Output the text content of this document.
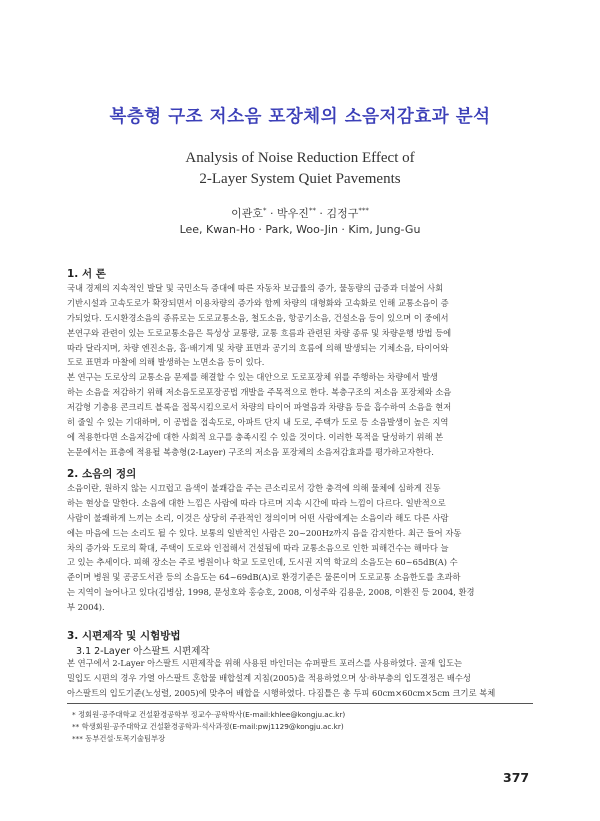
복층형 구조 저소음 포장체의 소음저감효과 분석
Analysis of Noise Reduction Effect of
2-Layer System Quiet Pavements
이관호* · 박우진** · 김정구***
Lee, Kwan-Ho · Park, Woo-Jin · Kim, Jung-Gu
1. 서 론
국내 경제의 지속적인 발달 및 국민소득 증대에 따른 자동차 보급률의 증가, 물동량의 급증과 더불어 사회
기반시설과 고속도로가 확장되면서 이용차량의 증가와 함께 차량의 대형화와 고속화로 인해 교통소음이 증
가되었다. 도시환경소음의 종류로는 도로교통소음, 철도소음, 항공기소음, 건설소음 등이 있으며 이 중에서
본연구와 관련이 있는 도로교통소음은 특성상 교통량, 교통 흐름과 관련된 차량 종류 및 차량운행 방법 등에
따라 달라지며, 차량 엔진소음, 흡·배기계 및 차량 표면과 공기의 흐름에 의해 발생되는 기체소음, 타이어와
도로 표면과 마찰에 의해 발생하는 노면소음 등이 있다.
본 연구는 도로상의 교통소음 문제를 해결할 수 있는 대안으로 도로포장체 위를 주행하는 차량에서 발생
하는 소음을 저감하기 위해 저소음도로포장공법 개발을 주목적으로 한다. 복층구조의 저소음 포장체와 소음
저감형 기층용 콘크리트 블록을 접목시킴으로서 차량의 타이어 파열음과 차량음 등을 흡수하여 소음을 현저
히 줄일 수 있는 기대하며, 이 공법을 접속도로, 아파트 단지 내 도로, 주택가 도로 등 소음발생이 높은 지역
에 적용한다면 소음저감에 대한 사회적 요구를 충족시킬 수 있을 것이다. 이러한 목적을 달성하기 위해 본
논문에서는 표층에 적용될 복층형(2-Layer) 구조의 저소음 포장체의 소음저감효과를 평가하고자한다.
2. 소음의 정의
소음이란, 원하지 않는 시끄럽고 음색이 불쾌감을 주는 큰소리로서 강한 충격에 의해 물체에 심하게 진동
하는 현상을 말한다. 소음에 대한 느낌은 사람에 따라 다르며 지속 시간에 따라 느낌이 다르다. 일반적으로
사람이 불쾌하게 느끼는 소리, 이것은 상당히 주관적인 정의이며 어떤 사람에게는 소음이라 해도 다른 사람
에는 마음에 드는 소리도 될 수 있다. 보통의 일반적인 사람은 20~200Hz까지 음을 감지한다. 최근 들어 자동
차의 증가와 도로의 확대, 주택이 도로와 인접해서 건설됨에 따라 교통소음으로 인한 피해건수는 해마다 늘
고 있는 추세이다. 피해 장소는 주로 병원이나 학교 도로인데, 도시권 지역 학교의 소음도는 60~65dB(A) 수
준이며 병원 및 공공도서관 등의 소음도는 64~69dB(A)로 환경기준은 물론이며 도로교통 소음한도를 초과하
는 지역이 늘어나고 있다(김병삼, 1998, 문성호와 홍승호, 2008, 이성주와 김용운, 2008, 이환진 등 2004, 환경
부 2004).
3. 시편제작 및 시험방법
3.1 2-Layer 아스팔트 시편제작
본 연구에서 2-Layer 아스팔트 시편제작을 위해 사용된 바인더는 슈퍼팔트 포러스를 사용하였다. 골재 입도는
밀입도 시편의 경우 가열 아스팔트 혼합물 배합설계 지침(2005)을 적용하였으며 상·하부층의 입도결정은 배수성
아스팔트의 입도기준(노성렬, 2005)에 맞추어 배합을 시행하였다. 다짐틀은 총 두피 60cm×60cm×5cm 크기로 복체
* 정회원·공주대학교 건설환경공학부 정교수·공학박사(E-mail:khlee@kongju.ac.kr)
** 학생회원·공주대학교 건설환경공학과·석사과정(E-mail:pwj1129@kongju.ac.kr)
*** 동부건설·토목기술팀부장
377
